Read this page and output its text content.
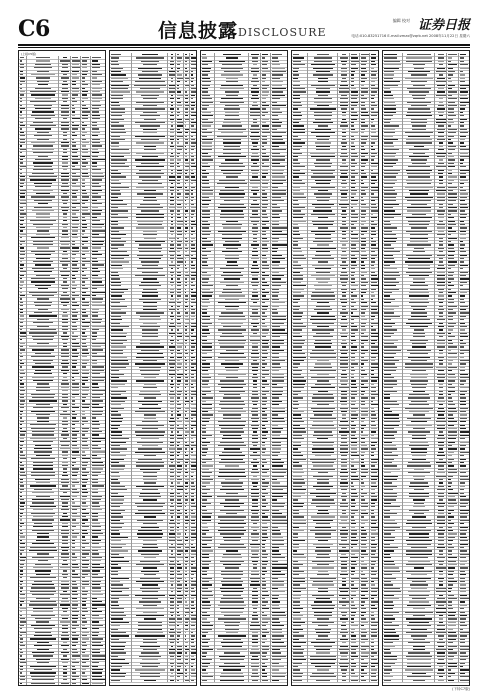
C6	信息披露 DISCLOSURE
编辑 校对 证券日报
电话:010-83251716 E-mail:zmzx@zqrb.net 2008年11月22日 星期六
(上接C5版)
(下转C7版)
